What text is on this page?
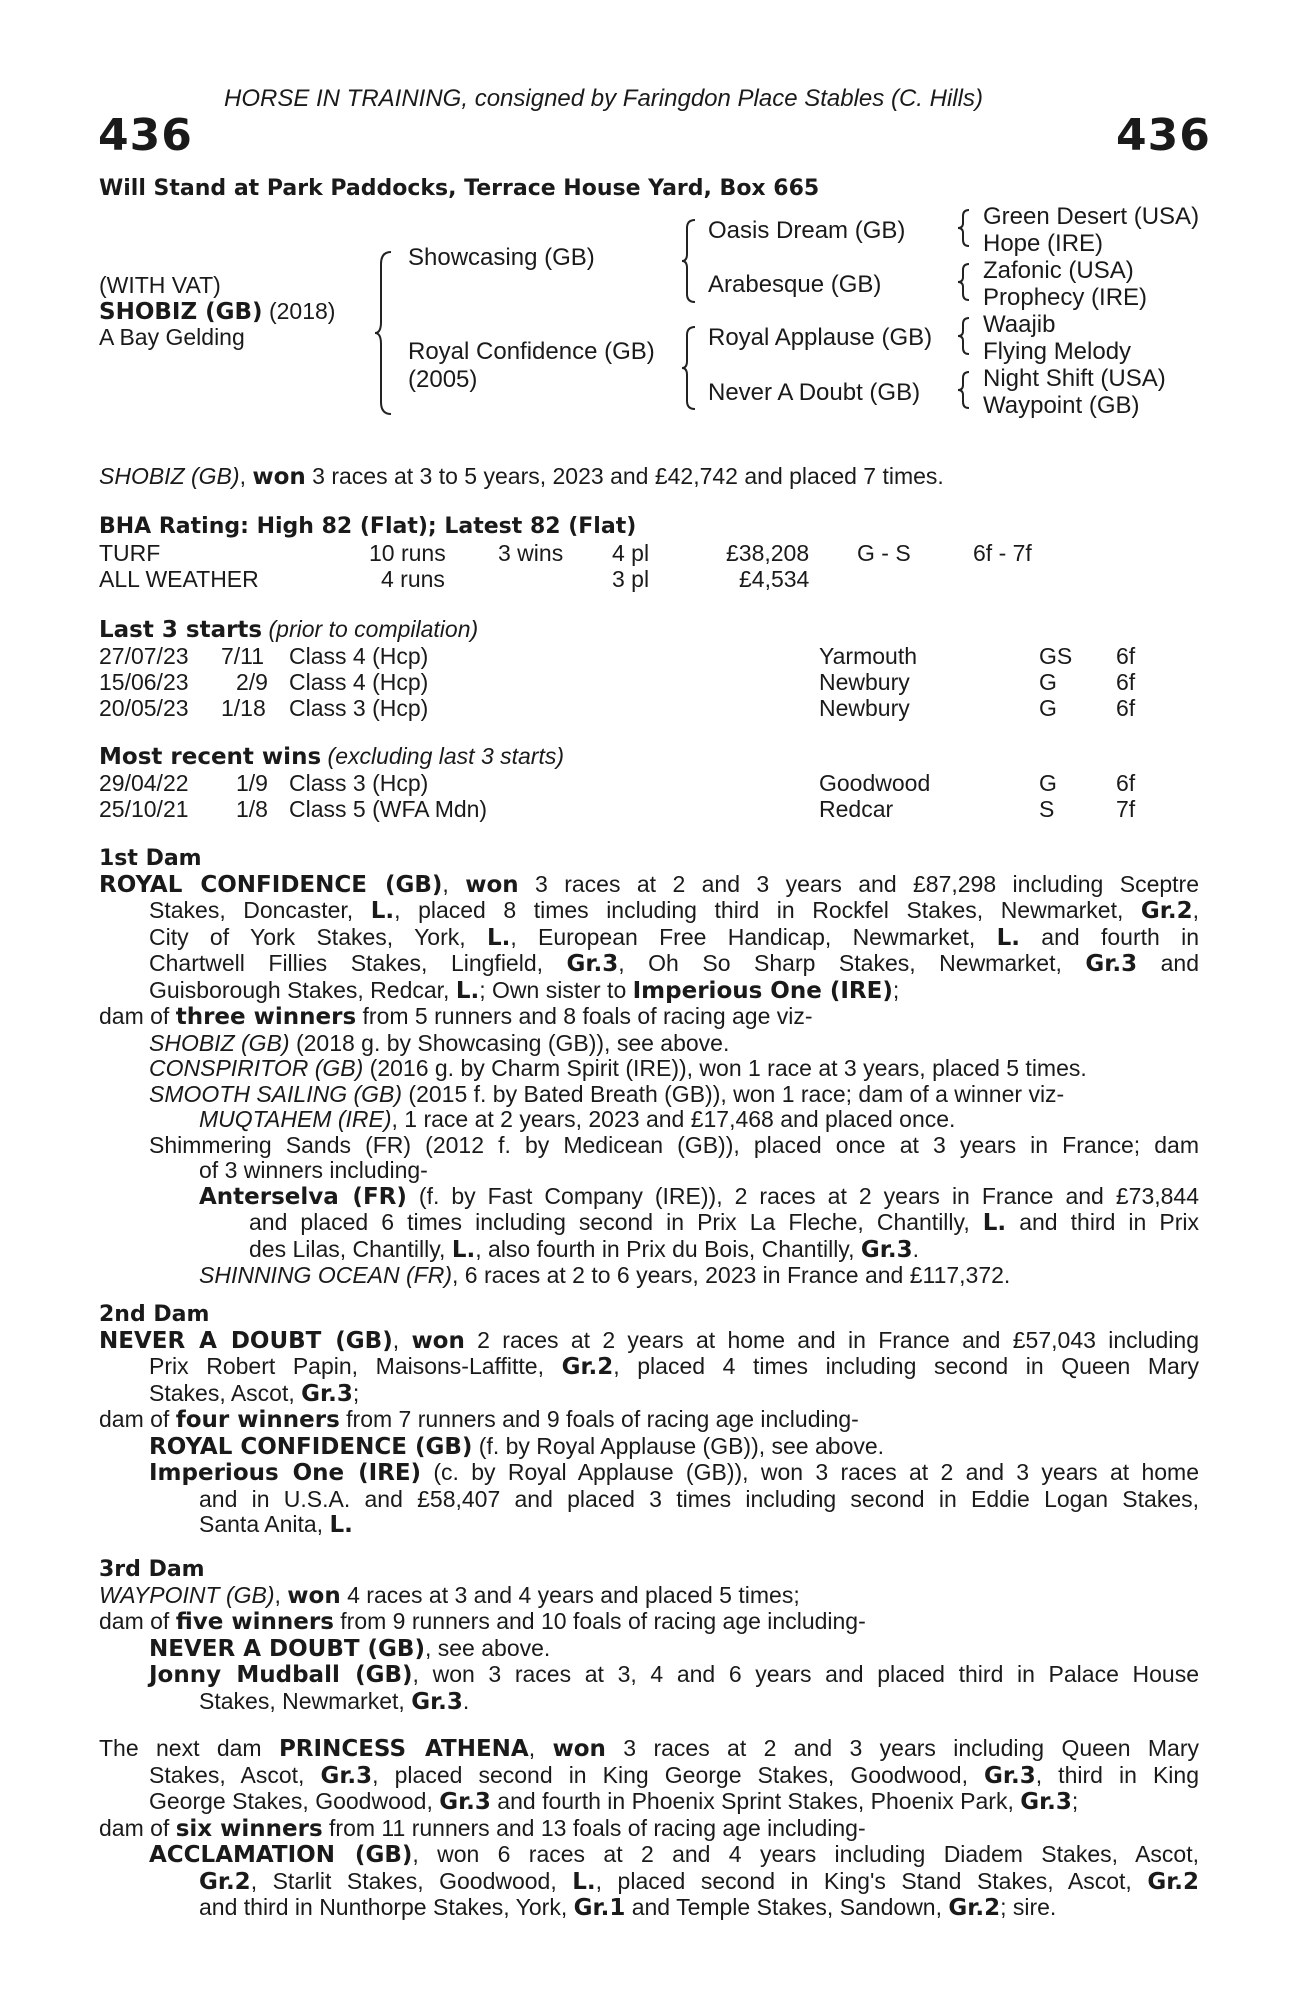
HORSE IN TRAINING, consigned by Faringdon Place Stables (C. Hills)
436	436
Will Stand at Park Paddocks, Terrace House Yard, Box 665
(WITH VAT)
SHOBIZ (GB) (2018)
A Bay Gelding
Showcasing (GB)
Royal Confidence (GB)
(2005)
Oasis Dream (GB)
Arabesque (GB)
Royal Applause (GB)
Never A Doubt (GB)
Green Desert (USA)
Hope (IRE)
Zafonic (USA)
Prophecy (IRE)
Waajib
Flying Melody
Night Shift (USA)
Waypoint (GB)
SHOBIZ (GB), won 3 races at 3 to 5 years, 2023 and £42,742 and placed 7 times.
BHA Rating: High 82 (Flat); Latest 82 (Flat)
TURF	10 runs 3 wins 4 pl	£38,208 G - S	6f - 7f
ALL WEATHER	4 runs	3 pl	£4,534
Last 3 starts (prior to compilation)
27/07/23 7/11 Class 4 (Hcp)	Yarmouth	GS 6f
15/06/23 2/9 Class 4 (Hcp)	Newbury	G	6f
20/05/23 1/18 Class 3 (Hcp)	Newbury	G	6f
Most recent wins (excluding last 3 starts)
29/04/22 1/9 Class 3 (Hcp)	Goodwood	G	6f
25/10/21 1/8 Class 5 (WFA Mdn)	Redcar	S	7f
1st Dam
ROYAL CONFIDENCE (GB), won 3 races at 2 and 3 years and £87,298 including Sceptre
Stakes, Doncaster, L., placed 8 times including third in Rockfel Stakes, Newmarket, Gr.2,
City of York Stakes, York, L., European Free Handicap, Newmarket, L. and fourth in
Chartwell Fillies Stakes, Lingfield, Gr.3, Oh So Sharp Stakes, Newmarket, Gr.3 and
Guisborough Stakes, Redcar, L.; Own sister to Imperious One (IRE);
dam of three winners from 5 runners and 8 foals of racing age viz-
SHOBIZ (GB) (2018 g. by Showcasing (GB)), see above.
CONSPIRITOR (GB) (2016 g. by Charm Spirit (IRE)), won 1 race at 3 years, placed 5 times.
SMOOTH SAILING (GB) (2015 f. by Bated Breath (GB)), won 1 race; dam of a winner viz-
MUQTAHEM (IRE), 1 race at 2 years, 2023 and £17,468 and placed once.
Shimmering Sands (FR) (2012 f. by Medicean (GB)), placed once at 3 years in France; dam
of 3 winners including-
Anterselva (FR) (f. by Fast Company (IRE)), 2 races at 2 years in France and £73,844
and placed 6 times including second in Prix La Fleche, Chantilly, L. and third in Prix
des Lilas, Chantilly, L., also fourth in Prix du Bois, Chantilly, Gr.3.
SHINNING OCEAN (FR), 6 races at 2 to 6 years, 2023 in France and £117,372.
2nd Dam
NEVER A DOUBT (GB), won 2 races at 2 years at home and in France and £57,043 including
Prix Robert Papin, Maisons-Laffitte, Gr.2, placed 4 times including second in Queen Mary
Stakes, Ascot, Gr.3;
dam of four winners from 7 runners and 9 foals of racing age including-
ROYAL CONFIDENCE (GB) (f. by Royal Applause (GB)), see above.
Imperious One (IRE) (c. by Royal Applause (GB)), won 3 races at 2 and 3 years at home
and in U.S.A. and £58,407 and placed 3 times including second in Eddie Logan Stakes,
Santa Anita, L.
3rd Dam
WAYPOINT (GB), won 4 races at 3 and 4 years and placed 5 times;
dam of five winners from 9 runners and 10 foals of racing age including-
NEVER A DOUBT (GB), see above.
Jonny Mudball (GB), won 3 races at 3, 4 and 6 years and placed third in Palace House
Stakes, Newmarket, Gr.3.
The next dam PRINCESS ATHENA, won 3 races at 2 and 3 years including Queen Mary
Stakes, Ascot, Gr.3, placed second in King George Stakes, Goodwood, Gr.3, third in King
George Stakes, Goodwood, Gr.3 and fourth in Phoenix Sprint Stakes, Phoenix Park, Gr.3;
dam of six winners from 11 runners and 13 foals of racing age including-
ACCLAMATION (GB), won 6 races at 2 and 4 years including Diadem Stakes, Ascot,
Gr.2, Starlit Stakes, Goodwood, L., placed second in King's Stand Stakes, Ascot, Gr.2
and third in Nunthorpe Stakes, York, Gr.1 and Temple Stakes, Sandown, Gr.2; sire.
